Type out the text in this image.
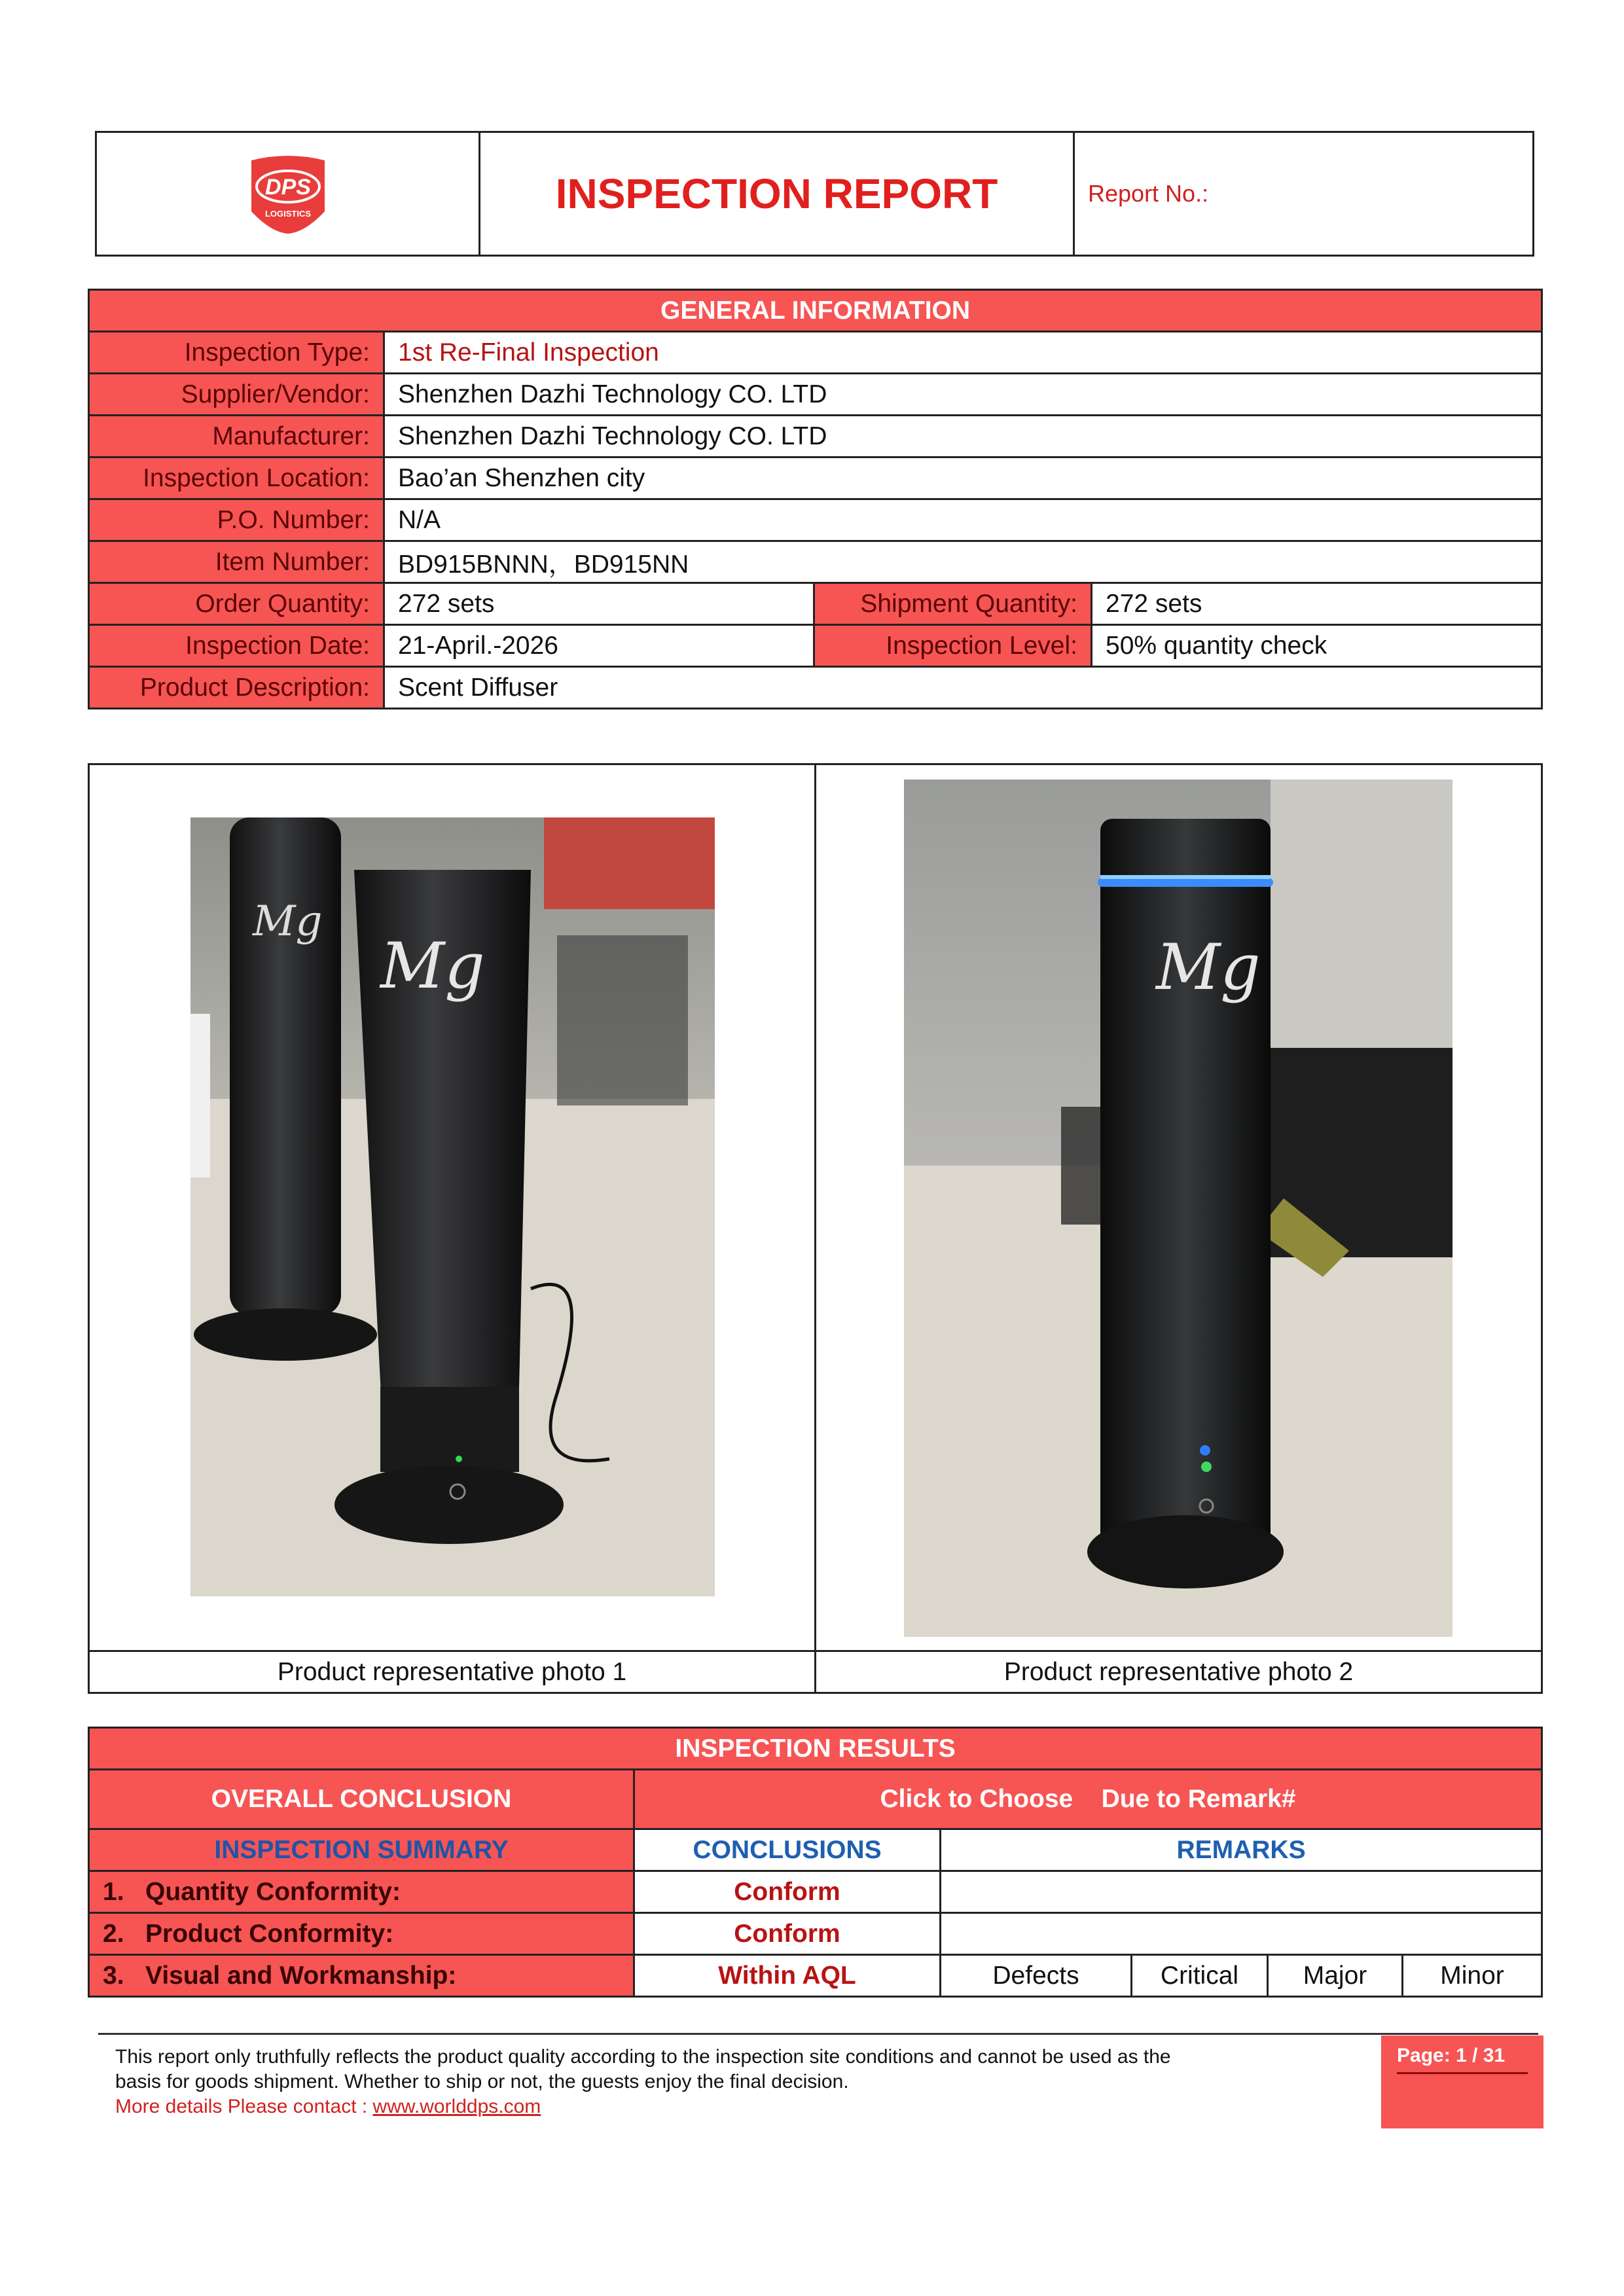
DPS
LOGISTICS	INSPECTION REPORT	Report No.:
GENERAL INFORMATION			
Inspection Type:	1st Re-Final Inspection		
Supplier/Vendor:	Shenzhen Dazhi Technology CO. LTD		
Manufacturer:	Shenzhen Dazhi Technology CO. LTD		
Inspection Location:	Bao’an Shenzhen city		
P.O. Number:	N/A		
Item Number:	BD915BNNN，BD915NN		
Order Quantity:	272 sets	Shipment Quantity:	272 sets
Inspection Date:	21-April.-2026	Inspection Level:	50% quantity check
Product Description:	Scent Diffuser		
Mg
Mg	Mg

Product representative photo 1	Product representative photo 2
INSPECTION RESULTS					
OVERALL CONCLUSION	Click to Choose    Due to Remark#				
INSPECTION SUMMARY	CONCLUSIONS	REMARKS			
1.   Quantity Conformity:	Conform				
2.   Product Conformity:	Conform				
3.   Visual and Workmanship:	Within AQL	Defects	Critical	Major	Minor
This report only truthfully reflects the product quality according to the inspection site conditions and cannot be used as the
basis for goods shipment. Whether to ship or not, the guests enjoy the final decision.
More details Please contact : www.worlddps.com
Page: 1 / 31
